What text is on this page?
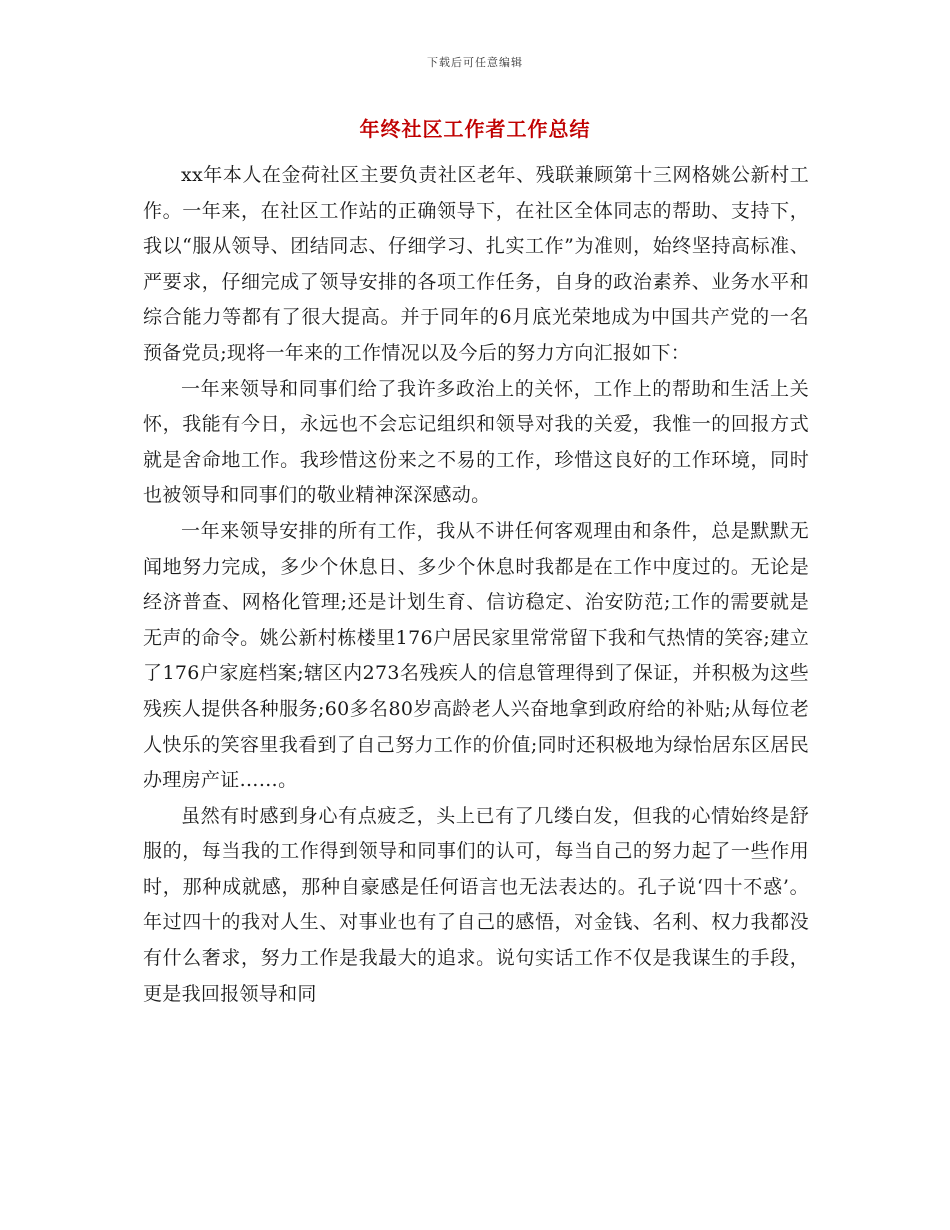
下载后可任意编辑
年终社区工作者工作总结

xx年本人在金荷社区主要负责社区老年、残联兼顾第十三网格姚公新村工作。一年来，在社区工作站的正确领导下，在社区全体同志的帮助、支持下，我以“服从领导、团结同志、仔细学习、扎实工作”为准则，始终坚持高标准、严要求，仔细完成了领导安排的各项工作任务，自身的政治素养、业务水平和综合能力等都有了很大提高。并于同年的6月底光荣地成为中国共产党的一名预备党员;现将一年来的工作情况以及今后的努力方向汇报如下：

一年来领导和同事们给了我许多政治上的关怀，工作上的帮助和生活上关怀，我能有今日，永远也不会忘记组织和领导对我的关爱，我惟一的回报方式就是舍命地工作。我珍惜这份来之不易的工作，珍惜这良好的工作环境，同时也被领导和同事们的敬业精神深深感动。

一年来领导安排的所有工作，我从不讲任何客观理由和条件，总是默默无闻地努力完成，多少个休息日、多少个休息时我都是在工作中度过的。无论是经济普查、网格化管理;还是计划生育、信访稳定、治安防范;工作的需要就是无声的命令。姚公新村栋楼里176户居民家里常常留下我和气热情的笑容;建立了176户家庭档案;辖区内273名残疾人的信息管理得到了保证，并积极为这些残疾人提供各种服务;60多名80岁高龄老人兴奋地拿到政府给的补贴;从每位老人快乐的笑容里我看到了自己努力工作的价值;同时还积极地为绿怡居东区居民办理房产证……。

虽然有时感到身心有点疲乏，头上已有了几缕白发，但我的心情始终是舒服的，每当我的工作得到领导和同事们的认可，每当自己的努力起了一些作用时，那种成就感，那种自豪感是任何语言也无法表达的。孔子说‘四十不惑’。年过四十的我对人生、对事业也有了自己的感悟，对金钱、名利、权力我都没有什么奢求，努力工作是我最大的追求。说句实话工作不仅是我谋生的手段，更是我回报领导和同
